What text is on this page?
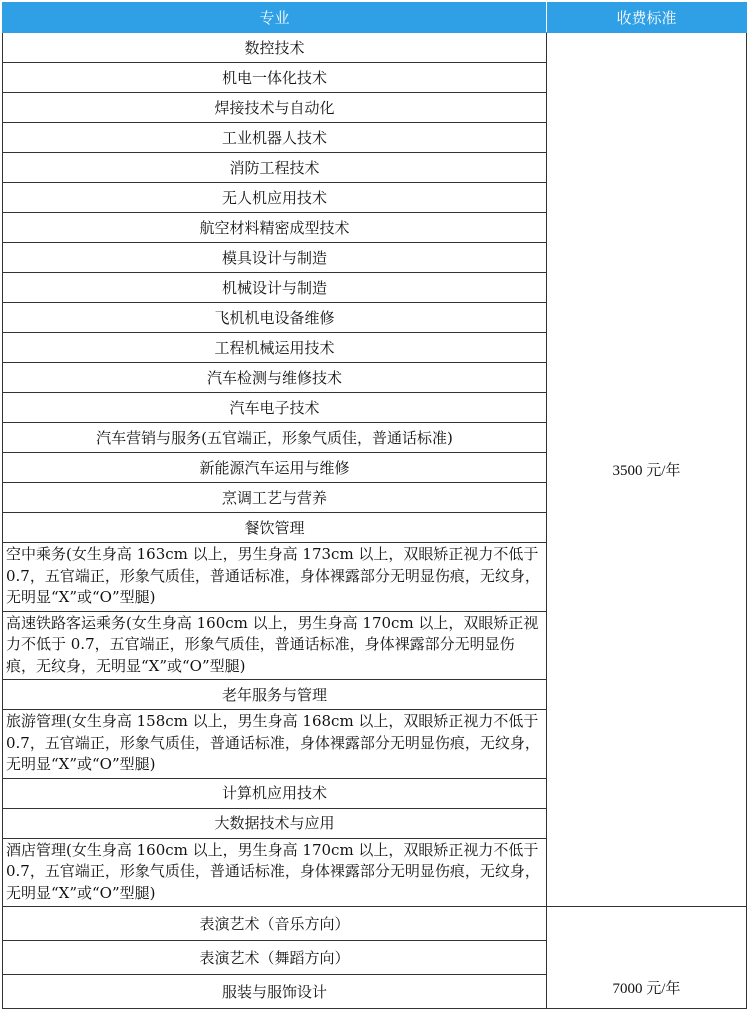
专业	收费标准
数控技术	3500 元/年
机电一体化技术	
焊接技术与自动化	
工业机器人技术	
消防工程技术	
无人机应用技术	
航空材料精密成型技术	
模具设计与制造	
机械设计与制造	
飞机机电设备维修	
工程机械运用技术	
汽车检测与维修技术	
汽车电子技术	
汽车营销与服务(五官端正，形象气质佳，普通话标准)	
新能源汽车运用与维修	
烹调工艺与营养	
餐饮管理	
空中乘务(女生身高 163cm 以上，男生身高 173cm 以上，双眼矫正视力不低于 0.7，五官端正，形象气质佳，普通话标准，身体裸露部分无明显伤痕，无纹身，无明显“X”或“O”型腿)	
高速铁路客运乘务(女生身高 160cm 以上，男生身高 170cm 以上，双眼矫正视力不低于 0.7，五官端正，形象气质佳，普通话标准，身体裸露部分无明显伤痕，无纹身，无明显“X”或“O”型腿)	
老年服务与管理	
旅游管理(女生身高 158cm 以上，男生身高 168cm 以上，双眼矫正视力不低于 0.7，五官端正，形象气质佳，普通话标准，身体裸露部分无明显伤痕，无纹身，无明显“X”或“O”型腿)	
计算机应用技术	
大数据技术与应用	
酒店管理(女生身高 160cm 以上，男生身高 170cm 以上，双眼矫正视力不低于 0.7，五官端正，形象气质佳，普通话标准，身体裸露部分无明显伤痕，无纹身，无明显“X”或“O”型腿)	
表演艺术（音乐方向）	7000 元/年
表演艺术（舞蹈方向）	
服装与服饰设计	
